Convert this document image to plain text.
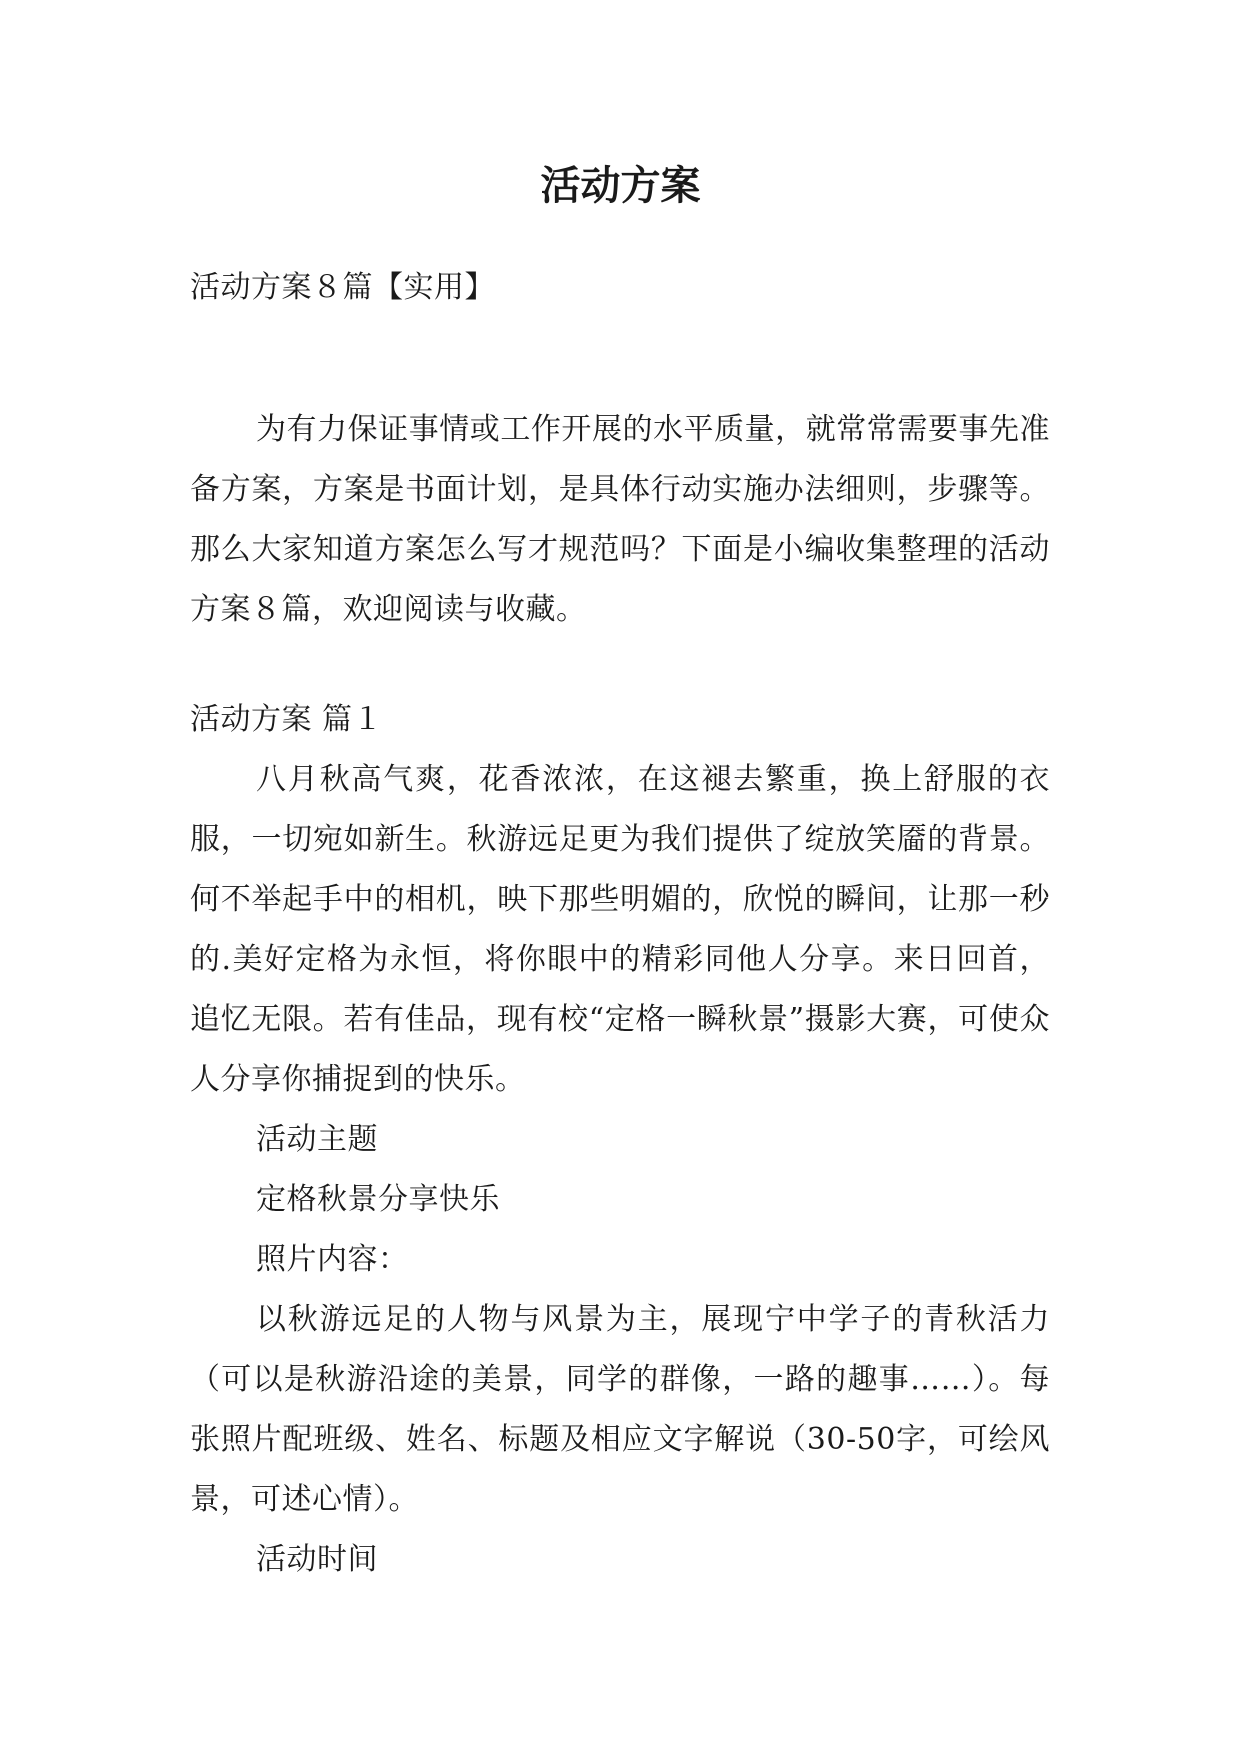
活动方案
活动方案８篇【实用】

为有力保证事情或工作开展的水平质量，就常常需要事先准备方案，方案是书面计划，是具体行动实施办法细则，步骤等。那么大家知道方案怎么写才规范吗？下面是小编收集整理的活动方案８篇，欢迎阅读与收藏。

活动方案 篇１

八月秋高气爽，花香浓浓，在这褪去繁重，换上舒服的衣服，一切宛如新生。秋游远足更为我们提供了绽放笑靥的背景。何不举起手中的相机，映下那些明媚的，欣悦的瞬间，让那一秒的.美好定格为永恒，将你眼中的精彩同他人分享。来日回首，追忆无限。若有佳品，现有校“定格一瞬秋景”摄影大赛，可使众人分享你捕捉到的快乐。

活动主题

定格秋景分享快乐

照片内容：

以秋游远足的人物与风景为主，展现宁中学子的青秋活力（可以是秋游沿途的美景，同学的群像，一路的趣事……）。每张照片配班级、姓名、标题及相应文字解说（30-50字，可绘风景，可述心情）。

活动时间
